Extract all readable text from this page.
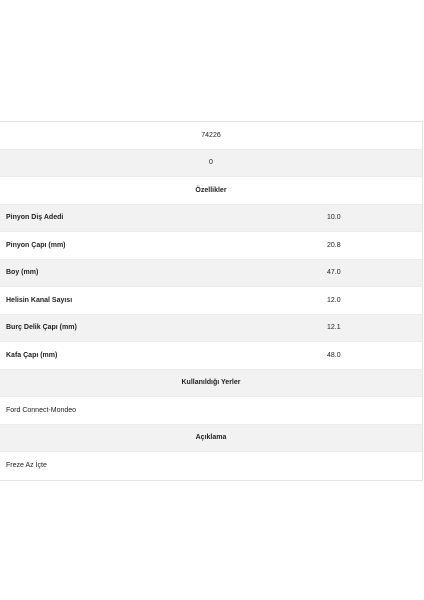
74226
0
Özellikler
Pinyon Diş Adedi	10.0
Pinyon Çapı (mm)	20.8
Boy (mm)	47.0
Helisin Kanal Sayısı	12.0
Burç Delik Çapı (mm)	12.1
Kafa Çapı (mm)	48.0
Kullanıldığı Yerler
Ford Connect-Mondeo
Açıklama
Freze Az İçte
